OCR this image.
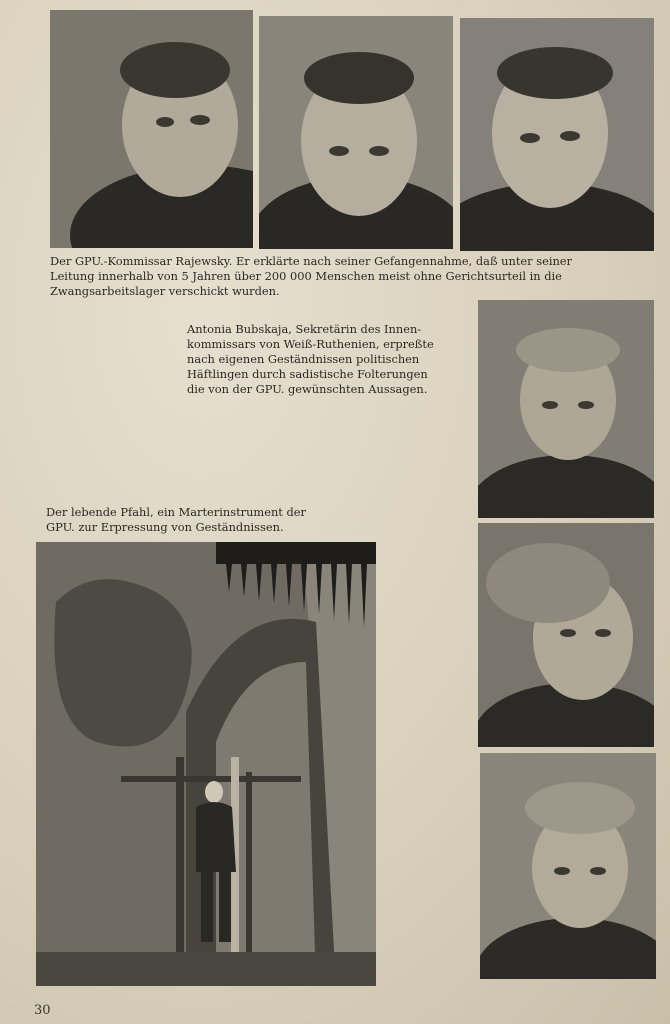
Der GPU.-Kommissar Rajewsky. Er erklärte nach seiner Gefangennahme, daß unter seiner
Leitung innerhalb von 5 Jahren über 200 000 Menschen meist ohne Gerichtsurteil in die
Zwangsarbeitslager verschickt wurden.

Antonia Bubskaja, Sekretärin des Innen-
kommissars von Weiß-Ruthenien, erpreßte
nach eigenen Geständnissen politischen
Häftlingen durch sadistische Folterungen
die von der GPU. gewünschten Aussagen.

Der lebende Pfahl, ein Marterinstrument der
GPU. zur Erpressung von Geständnissen.

30
